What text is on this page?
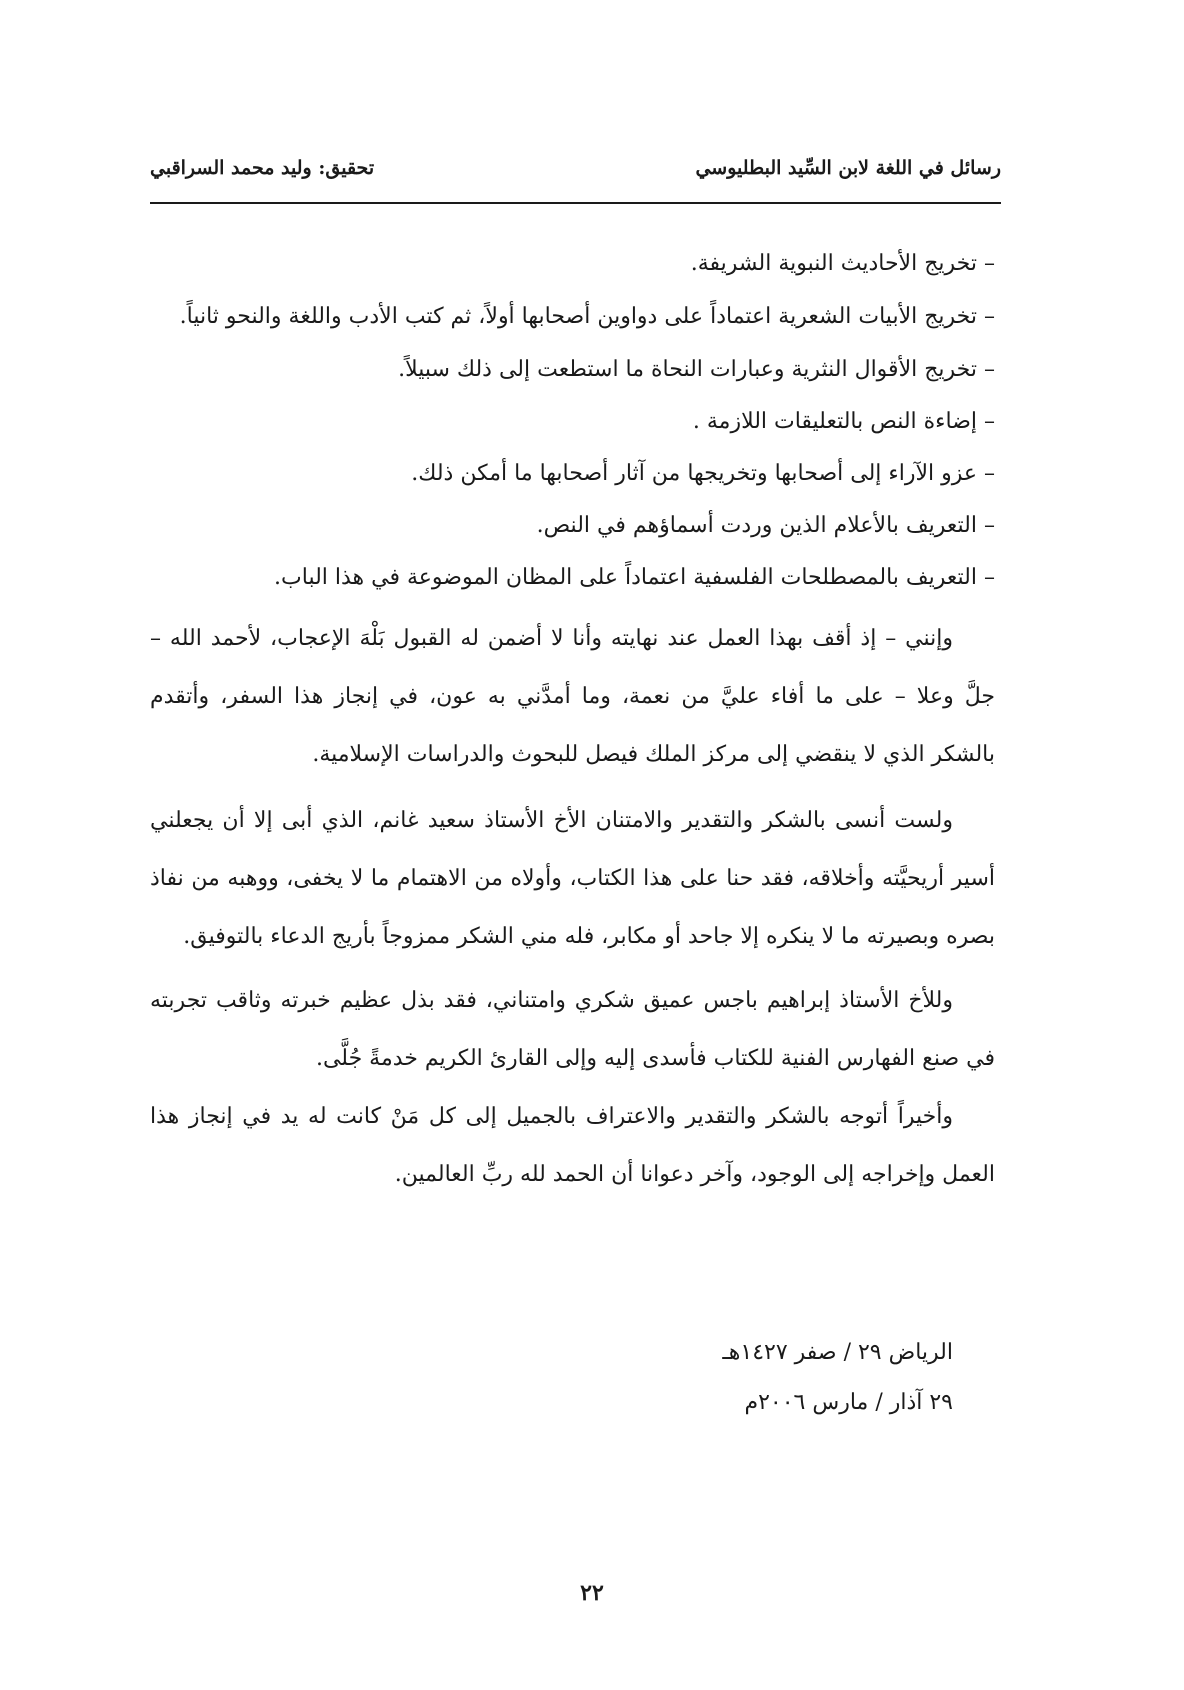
رسائل في اللغة لابن السِّيد البطليوسي
تحقيق: وليد محمد السراقبي
– تخريج الأحاديث النبوية الشريفة.
– تخريج الأبيات الشعرية اعتماداً على دواوين أصحابها أولاً، ثم كتب الأدب واللغة والنحو ثانياً.
– تخريج الأقوال النثرية وعبارات النحاة ما استطعت إلى ذلك سبيلاً.
– إضاءة النص بالتعليقات اللازمة .
– عزو الآراء إلى أصحابها وتخريجها من آثار أصحابها ما أمكن ذلك.
– التعريف بالأعلام الذين وردت أسماؤهم في النص.
– التعريف بالمصطلحات الفلسفية اعتماداً على المظان الموضوعة في هذا الباب.

وإنني – إذ أقف بهذا العمل عند نهايته وأنا لا أضمن له القبول بَلْهَ الإعجاب، لأحمد الله – جلَّ وعلا – على ما أفاء عليَّ من نعمة، وما أمدَّني به عون، في إنجاز هذا السفر، وأتقدم بالشكر الذي لا ينقضي إلى مركز الملك فيصل للبحوث والدراسات الإسلامية.

ولست أنسى بالشكر والتقدير والامتنان الأخ الأستاذ سعيد غانم، الذي أبى إلا أن يجعلني أسير أريحيَّته وأخلاقه، فقد حنا على هذا الكتاب، وأولاه من الاهتمام ما لا يخفى، ووهبه من نفاذ بصره وبصيرته ما لا ينكره إلا جاحد أو مكابر، فله مني الشكر ممزوجاً بأريج الدعاء بالتوفيق.

وللأخ الأستاذ إبراهيم باجس عميق شكري وامتناني، فقد بذل عظيم خبرته وثاقب تجربته في صنع الفهارس الفنية للكتاب فأسدى إليه وإلى القارئ الكريم خدمةً جُلَّى.

وأخيراً أتوجه بالشكر والتقدير والاعتراف بالجميل إلى كل مَنْ كانت له يد في إنجاز هذا العمل وإخراجه إلى الوجود، وآخر دعوانا أن الحمد لله ربِّ العالمين.

الرياض ٢٩ / صفر ١٤٢٧هـ
٢٩ آذار / مارس ٢٠٠٦م
٢٢
